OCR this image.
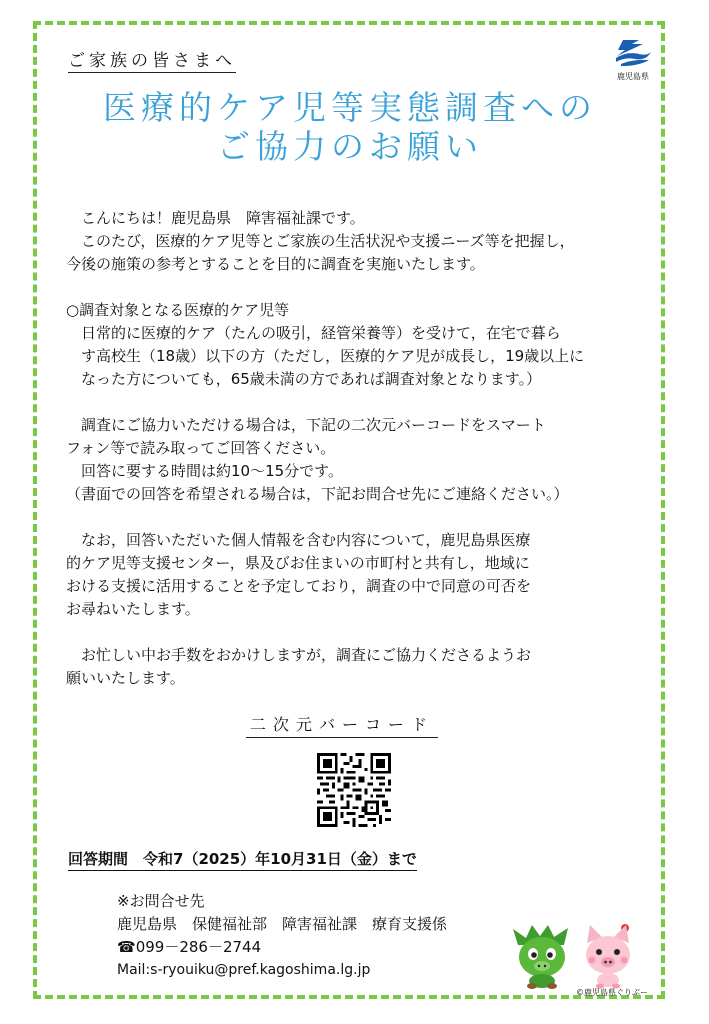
ご家族の皆さまへ
鹿児島県
医療的ケア児等実態調査への
ご協力のお願い

　こんにちは！鹿児島県　障害福祉課です。

　このたび，医療的ケア児等とご家族の生活状況や支援ニーズ等を把握し，

今後の施策の参考とすることを目的に調査を実施いたします。

○調査対象となる医療的ケア児等

　日常的に医療的ケア（たんの吸引，経管栄養等）を受けて，在宅で暮ら

　す高校生（18歳）以下の方（ただし，医療的ケア児が成長し，19歳以上に

　なった方についても，65歳未満の方であれば調査対象となります。）

　調査にご協力いただける場合は，下記の二次元バーコードをスマート

フォン等で読み取ってご回答ください。

　回答に要する時間は約10～15分です。

（書面での回答を希望される場合は，下記お問合せ先にご連絡ください。）

　なお，回答いただいた個人情報を含む内容について，鹿児島県医療

的ケア児等支援センター，県及びお住まいの市町村と共有し，地域に

おける支援に活用することを予定しており，調査の中で同意の可否を

お尋ねいたします。

　お忙しい中お手数をおかけしますが，調査にご協力くださるようお

願いいたします。

二次元バーコード
回答期間　令和7（2025）年10月31日（金）まで
※お問合せ先
鹿児島県　保健福祉部　障害福祉課　療育支援係
☎099－286－2744
Mail:s-ryouiku@pref.kagoshima.lg.jp
©鹿児島県ぐりぶー
